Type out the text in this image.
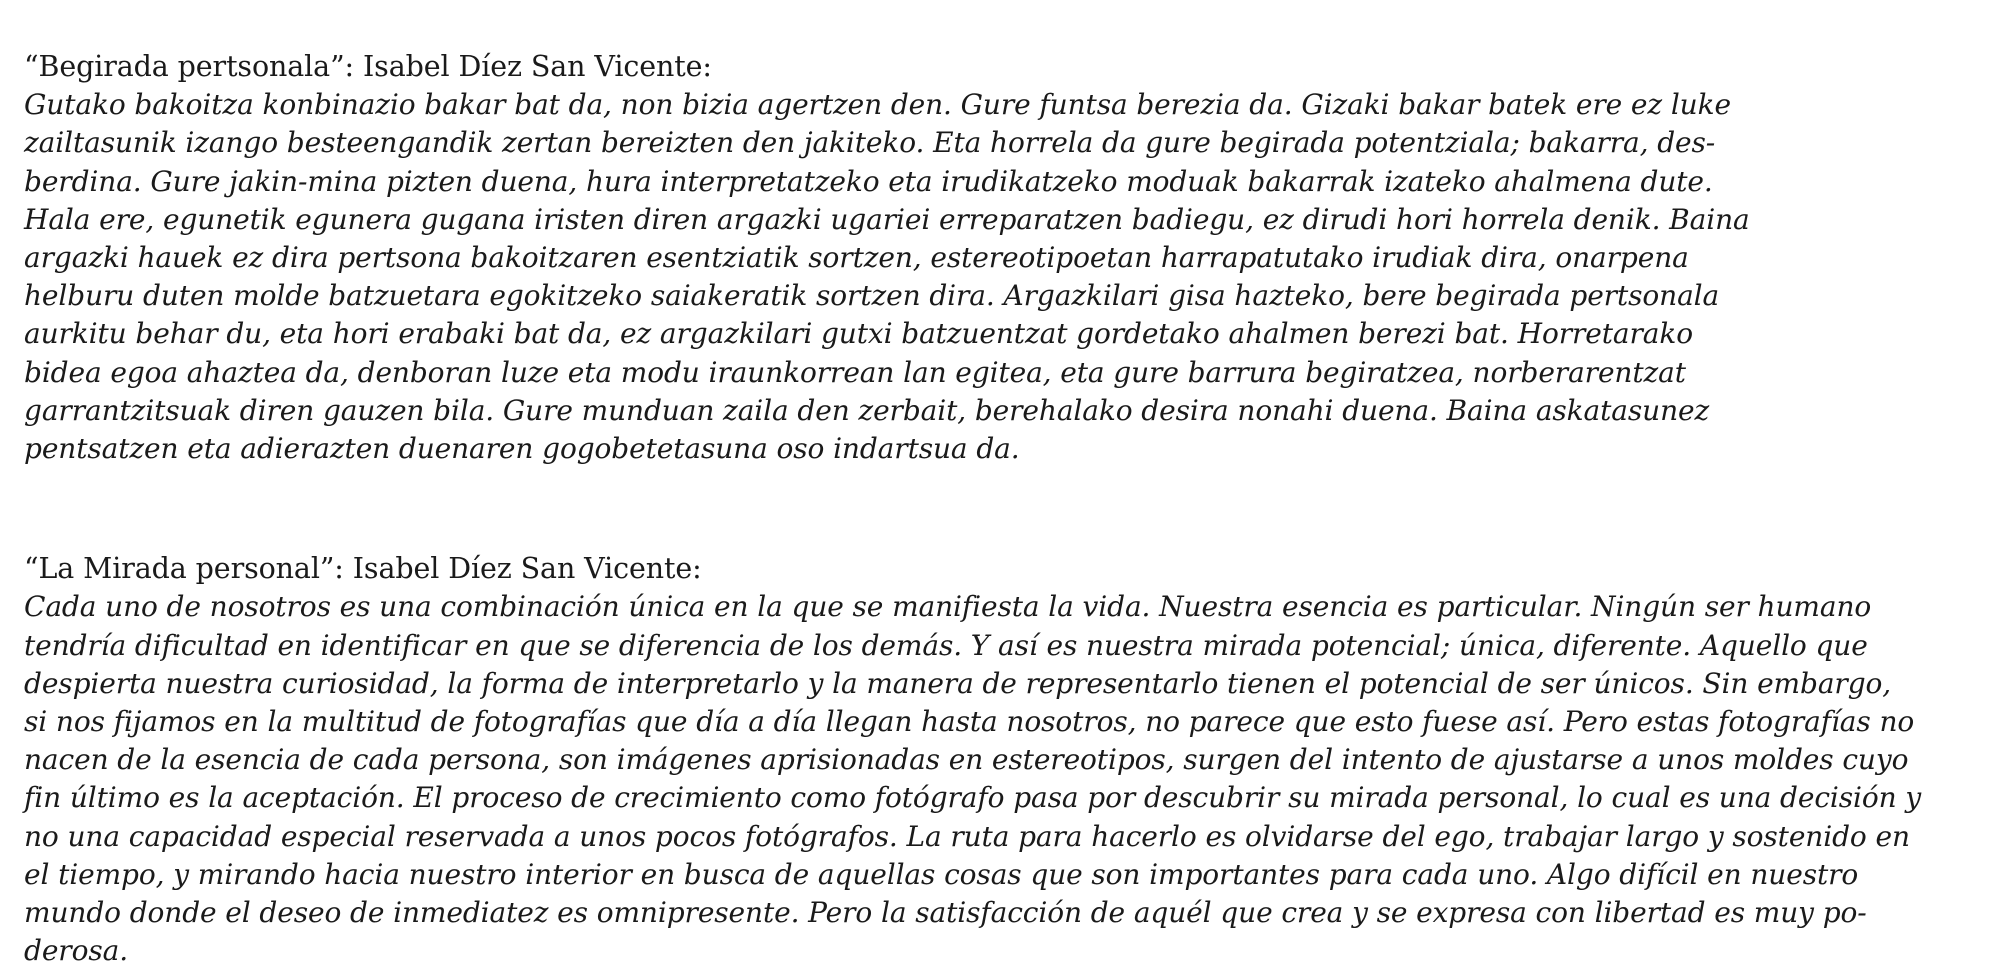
“Begirada pertsonala”: Isabel Díez San Vicente:
Gutako bakoitza konbinazio bakar bat da, non bizia agertzen den. Gure funtsa berezia da. Gizaki bakar batek ere ez luke
zailtasunik izango besteengandik zertan bereizten den jakiteko. Eta horrela da gure begirada potentziala; bakarra, des-
berdina. Gure jakin-mina pizten duena, hura interpretatzeko eta irudikatzeko moduak bakarrak izateko ahalmena dute.
Hala ere, egunetik egunera gugana iristen diren argazki ugariei erreparatzen badiegu, ez dirudi hori horrela denik. Baina
argazki hauek ez dira pertsona bakoitzaren esentziatik sortzen, estereotipoetan harrapatutako irudiak dira, onarpena
helburu duten molde batzuetara egokitzeko saiakeratik sortzen dira. Argazkilari gisa hazteko, bere begirada pertsonala
aurkitu behar du, eta hori erabaki bat da, ez argazkilari gutxi batzuentzat gordetako ahalmen berezi bat. Horretarako
bidea egoa ahaztea da, denboran luze eta modu iraunkorrean lan egitea, eta gure barrura begiratzea, norberarentzat
garrantzitsuak diren gauzen bila. Gure munduan zaila den zerbait, berehalako desira nonahi duena. Baina askatasunez
pentsatzen eta adierazten duenaren gogobetetasuna oso indartsua da.
“La Mirada personal”: Isabel Díez San Vicente:
Cada uno de nosotros es una combinación única en la que se manifiesta la vida. Nuestra esencia es particular. Ningún ser humano
tendría dificultad en identificar en que se diferencia de los demás. Y así es nuestra mirada potencial; única, diferente. Aquello que
despierta nuestra curiosidad, la forma de interpretarlo y la manera de representarlo tienen el potencial de ser únicos. Sin embargo,
si nos fijamos en la multitud de fotografías que día a día llegan hasta nosotros, no parece que esto fuese así. Pero estas fotografías no
nacen de la esencia de cada persona, son imágenes aprisionadas en estereotipos, surgen del intento de ajustarse a unos moldes cuyo
fin último es la aceptación. El proceso de crecimiento como fotógrafo pasa por descubrir su mirada personal, lo cual es una decisión y
no una capacidad especial reservada a unos pocos fotógrafos. La ruta para hacerlo es olvidarse del ego, trabajar largo y sostenido en
el tiempo, y mirando hacia nuestro interior en busca de aquellas cosas que son importantes para cada uno. Algo difícil en nuestro
mundo donde el deseo de inmediatez es omnipresente. Pero la satisfacción de aquél que crea y se expresa con libertad es muy po-
derosa.
